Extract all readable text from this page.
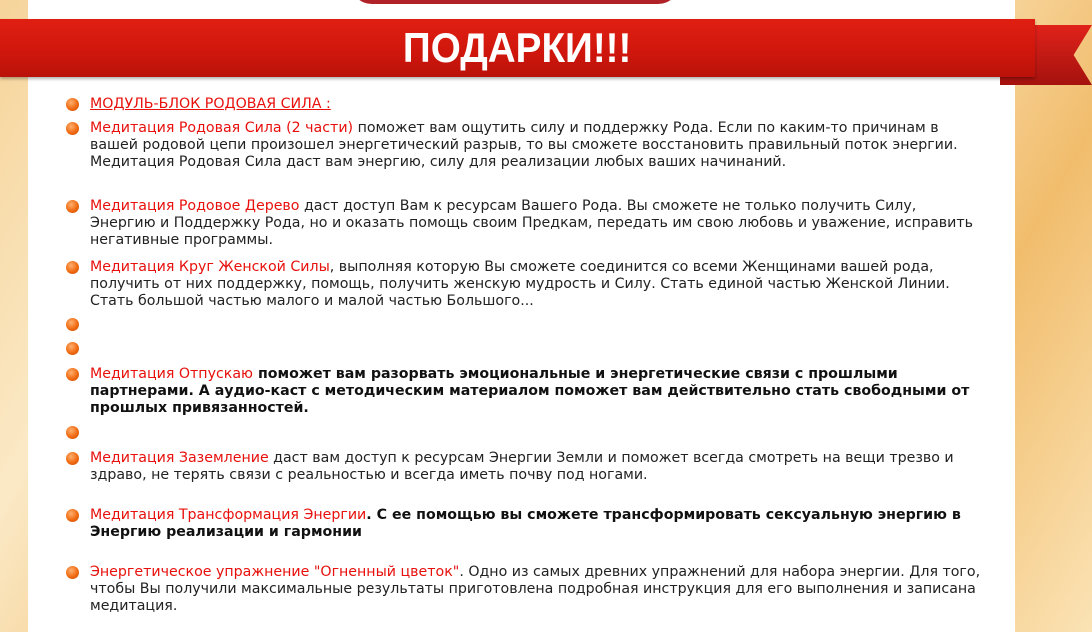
ПОДАРКИ!!!
МОДУЛЬ-БЛОК РОДОВАЯ СИЛА :
Медитация Родовая Сила (2 части) поможет вам ощутить силу и поддержку Рода. Если по каким-то причинам в вашей родовой цепи произошел энергетический разрыв, то вы сможете восстановить правильный поток энергии. Медитация Родовая Сила даст вам энергию, силу для реализации любых ваших начинаний.
Медитация Родовое Дерево даст доступ Вам к ресурсам Вашего Рода. Вы сможете не только получить Силу, Энергию и Поддержку Рода, но и оказать помощь своим Предкам, передать им свою любовь и уважение, исправить негативные программы.
Медитация Круг Женской Силы, выполняя которую Вы сможете соединится со всеми Женщинами вашей рода, получить от них поддержку, помощь, получить женскую мудрость и Силу. Стать единой частью Женской Линии. Стать большой частью малого и малой частью Большого...
Медитация Отпускаю поможет вам разорвать эмоциональные и энергетические связи с прошлыми партнерами. А аудио-каст с методическим материалом поможет вам действительно стать свободными от прошлых привязанностей.
Медитация Заземление даст вам доступ к ресурсам Энергии Земли и поможет всегда смотреть на вещи трезво и здраво, не терять связи с реальностью и всегда иметь почву под ногами.
Медитация Трансформация Энергии. С ее помощью вы сможете трансформировать сексуальную энергию в Энергию реализации и гармонии
Энергетическое упражнение "Огненный цветок". Одно из самых древних упражнений для набора энергии. Для того, чтобы Вы получили максимальные результаты приготовлена подробная инструкция для его выполнения и записана медитация.
